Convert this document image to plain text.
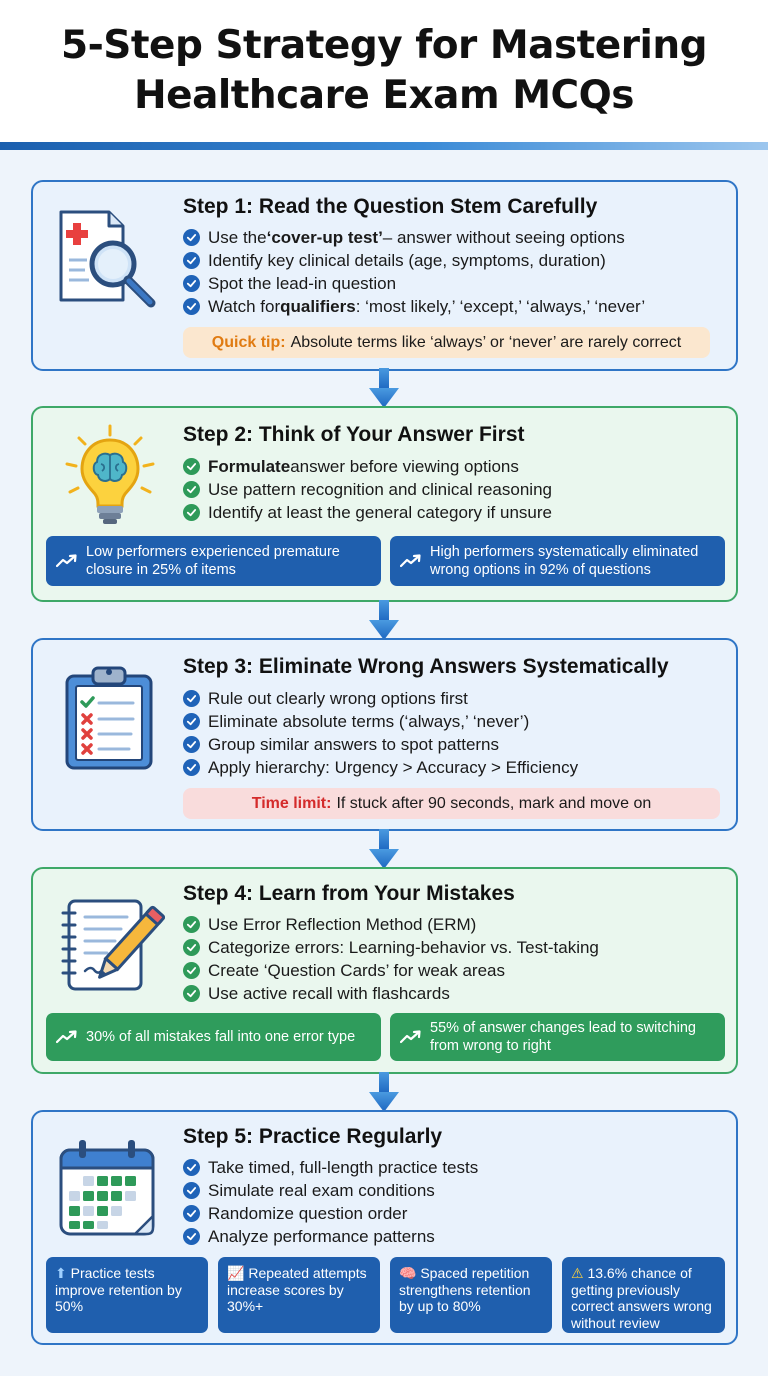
5-Step Strategy for Mastering
Healthcare Exam MCQs
Step 1: Read the Question Stem Carefully
Use the ‘cover-up test’ – answer without seeing options
Identify key clinical details (age, symptoms, duration)
Spot the lead-in question
Watch for qualifiers : ‘most likely,’ ‘except,’ ‘always,’ ‘never’
Quick tip: Absolute terms like ‘always’ or ‘never’ are rarely correct
Step 2: Think of Your Answer First
Formulate answer before viewing options
Use pattern recognition and clinical reasoning
Identify at least the general category if unsure
Low performers experienced premature closure in 25% of items
High performers systematically eliminated wrong options in 92% of questions
Step 3: Eliminate Wrong Answers Systematically
Rule out clearly wrong options first
Eliminate absolute terms (‘always,’ ‘never’)
Group similar answers to spot patterns
Apply hierarchy: Urgency > Accuracy > Efficiency
Time limit: If stuck after 90 seconds, mark and move on
Step 4: Learn from Your Mistakes
Use Error Reflection Method (ERM)
Categorize errors: Learning-behavior vs. Test-taking
Create ‘Question Cards’ for weak areas
Use active recall with flashcards
30% of all mistakes fall into one error type
55% of answer changes lead to switching from wrong to right
Step 5: Practice Regularly
Take timed, full-length practice tests
Simulate real exam conditions
Randomize question order
Analyze performance patterns
⬆ Practice tests improve retention by 50%
📈 Repeated attempts increase scores by 30%+
🧠 Spaced repetition strengthens retention by up to 80%
⚠ 13.6% chance of getting previously correct answers wrong without review
